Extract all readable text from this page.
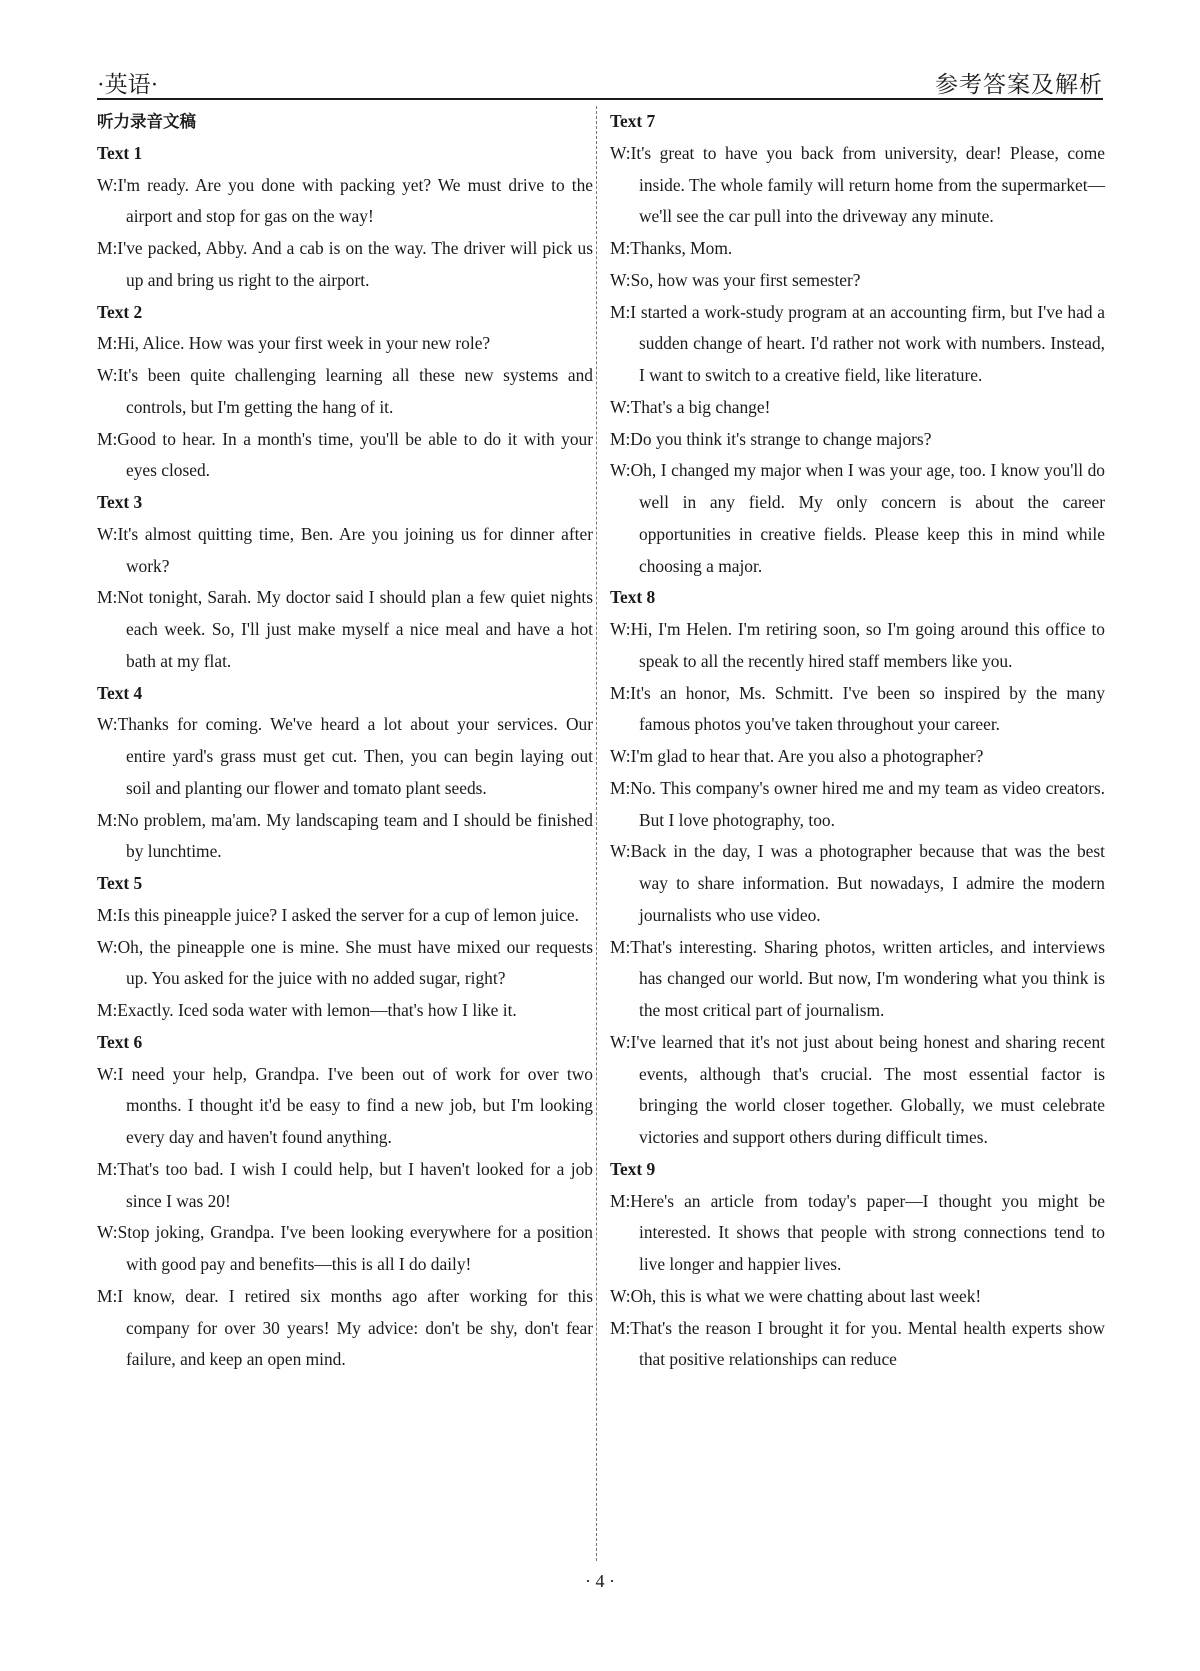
·英语·	参考答案及解析
听力录音文稿
Text 1
W:I'm ready. Are you done with packing yet? We must drive to the airport and stop for gas on the way!
M:I've packed, Abby. And a cab is on the way. The driver will pick us up and bring us right to the airport.
Text 2
M:Hi, Alice. How was your first week in your new role?
W:It's been quite challenging learning all these new systems and controls, but I'm getting the hang of it.
M:Good to hear. In a month's time, you'll be able to do it with your eyes closed.
Text 3
W:It's almost quitting time, Ben. Are you joining us for dinner after work?
M:Not tonight, Sarah. My doctor said I should plan a few quiet nights each week. So, I'll just make myself a nice meal and have a hot bath at my flat.
Text 4
W:Thanks for coming. We've heard a lot about your services. Our entire yard's grass must get cut. Then, you can begin laying out soil and planting our flower and tomato plant seeds.
M:No problem, ma'am. My landscaping team and I should be finished by lunchtime.
Text 5
M:Is this pineapple juice? I asked the server for a cup of lemon juice.
W:Oh, the pineapple one is mine. She must have mixed our requests up. You asked for the juice with no added sugar, right?
M:Exactly. Iced soda water with lemon—that's how I like it.
Text 6
W:I need your help, Grandpa. I've been out of work for over two months. I thought it'd be easy to find a new job, but I'm looking every day and haven't found anything.
M:That's too bad. I wish I could help, but I haven't looked for a job since I was 20!
W:Stop joking, Grandpa. I've been looking everywhere for a position with good pay and benefits—this is all I do daily!
M:I know, dear. I retired six months ago after working for this company for over 30 years! My advice: don't be shy, don't fear failure, and keep an open mind.
Text 7
W:It's great to have you back from university, dear! Please, come inside. The whole family will return home from the supermarket—we'll see the car pull into the driveway any minute.
M:Thanks, Mom.
W:So, how was your first semester?
M:I started a work-study program at an accounting firm, but I've had a sudden change of heart. I'd rather not work with numbers. Instead, I want to switch to a creative field, like literature.
W:That's a big change!
M:Do you think it's strange to change majors?
W:Oh, I changed my major when I was your age, too. I know you'll do well in any field. My only concern is about the career opportunities in creative fields. Please keep this in mind while choosing a major.
Text 8
W:Hi, I'm Helen. I'm retiring soon, so I'm going around this office to speak to all the recently hired staff members like you.
M:It's an honor, Ms. Schmitt. I've been so inspired by the many famous photos you've taken throughout your career.
W:I'm glad to hear that. Are you also a photographer?
M:No. This company's owner hired me and my team as video creators. But I love photography, too.
W:Back in the day, I was a photographer because that was the best way to share information. But nowadays, I admire the modern journalists who use video.
M:That's interesting. Sharing photos, written articles, and interviews has changed our world. But now, I'm wondering what you think is the most critical part of journalism.
W:I've learned that it's not just about being honest and sharing recent events, although that's crucial. The most essential factor is bringing the world closer together. Globally, we must celebrate victories and support others during difficult times.
Text 9
M:Here's an article from today's paper—I thought you might be interested. It shows that people with strong connections tend to live longer and happier lives.
W:Oh, this is what we were chatting about last week!
M:That's the reason I brought it for you. Mental health experts show that positive relationships can reduce
· 4 ·
